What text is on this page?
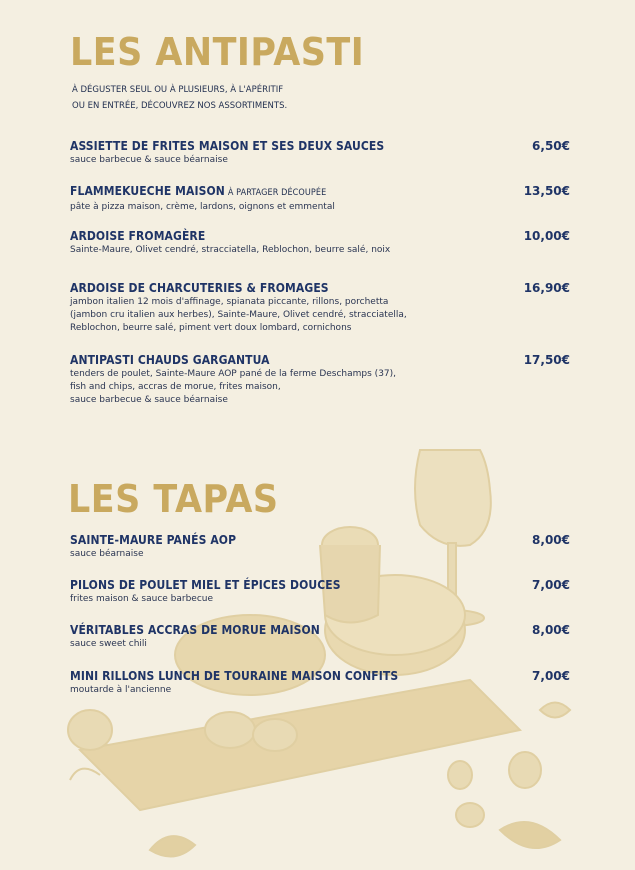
LES ANTIPASTI
À DÉGUSTER SEUL OU À PLUSIEURS, À L'APÉRITIF
OU EN ENTRÉE, DÉCOUVREZ NOS ASSORTIMENTS.
ASSIETTE DE FRITES MAISON ET SES DEUX SAUCES
sauce barbecue & sauce béarnaise
6,50€
FLAMMEKUECHE MAISON À PARTAGER DÉCOUPÉE
pâte à pizza maison, crème, lardons, oignons et emmental
13,50€
ARDOISE FROMAGÈRE
Sainte-Maure, Olivet cendré, stracciatella, Reblochon, beurre salé, noix
10,00€
ARDOISE DE CHARCUTERIES & FROMAGES
jambon italien 12 mois d'affinage, spianata piccante, rillons, porchetta
(jambon cru italien aux herbes), Sainte-Maure, Olivet cendré, stracciatella,
Reblochon, beurre salé, piment vert doux lombard, cornichons
16,90€
ANTIPASTI CHAUDS GARGANTUA
tenders de poulet, Sainte-Maure AOP pané de la ferme Deschamps (37),
fish and chips, accras de morue, frites maison,
sauce barbecue & sauce béarnaise
17,50€
LES TAPAS
SAINTE-MAURE PANÉS AOP
sauce béarnaise
8,00€
PILONS DE POULET MIEL ET ÉPICES DOUCES
frites maison & sauce barbecue
7,00€
VÉRITABLES ACCRAS DE MORUE MAISON
sauce sweet chili
8,00€
MINI RILLONS LUNCH DE TOURAINE MAISON CONFITS
moutarde à l'ancienne
7,00€
